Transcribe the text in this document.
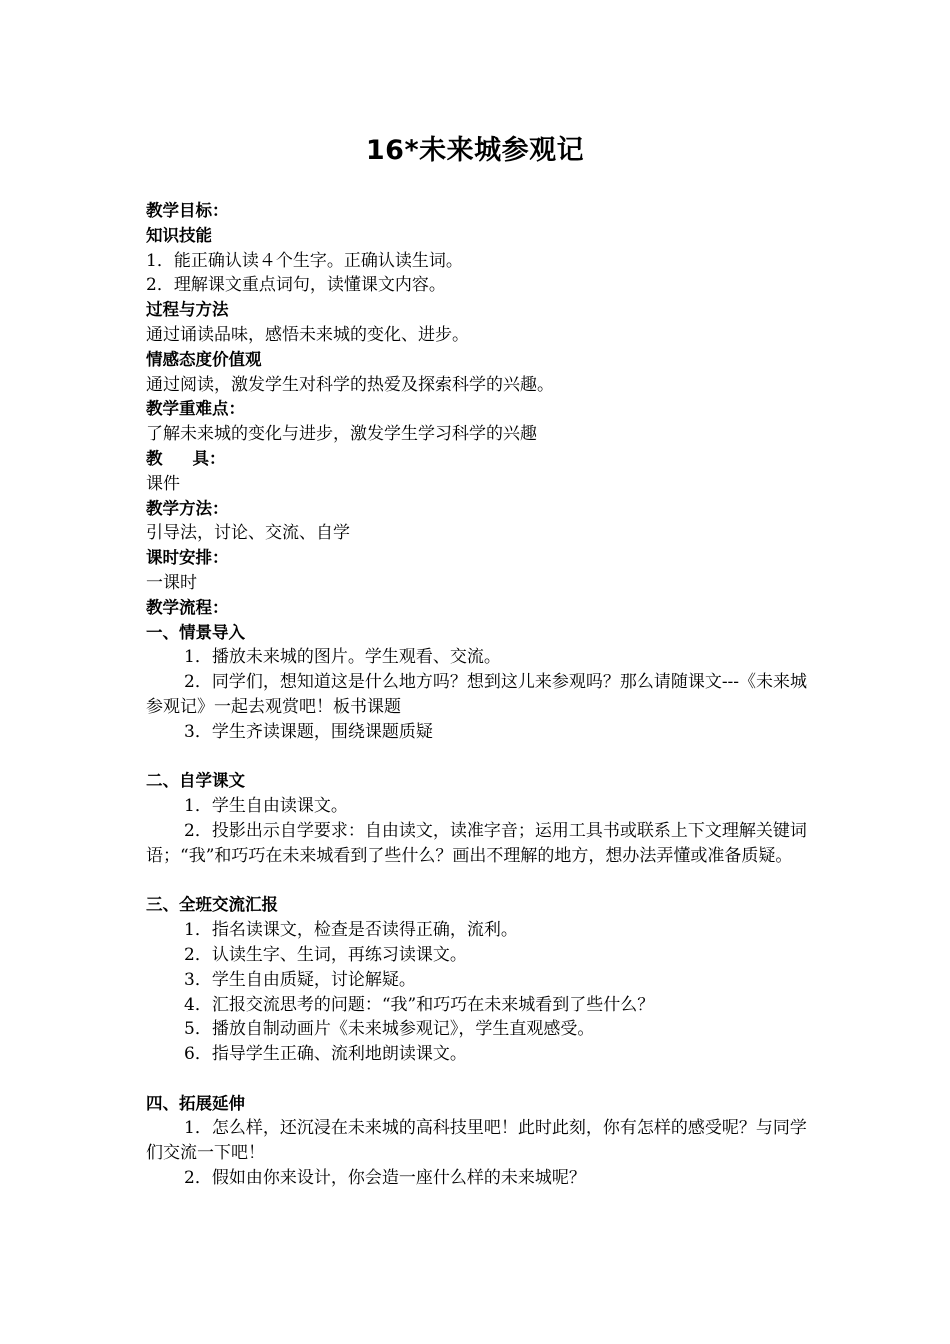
16*未来城参观记

教学目标：

知识技能

1．能正确认读４个生字。正确认读生词。

2．理解课文重点词句，读懂课文内容。

过程与方法

通过诵读品味，感悟未来城的变化、进步。

情感态度价值观

通过阅读，激发学生对科学的热爱及探索科学的兴趣。

教学重难点：

了解未来城的变化与进步，激发学生学习科学的兴趣

教 具：

课件

教学方法：

引导法，讨论、交流、自学

课时安排：

一课时

教学流程：

一、情景导入

1．播放未来城的图片。学生观看、交流。

2．同学们，想知道这是什么地方吗？想到这儿来参观吗？那么请随课文---《未来城参观记》一起去观赏吧！板书课题

3．学生齐读课题，围绕课题质疑

二、自学课文

1．学生自由读课文。

2．投影出示自学要求：自由读文，读准字音；运用工具书或联系上下文理解关键词语；“我”和巧巧在未来城看到了些什么？画出不理解的地方，想办法弄懂或准备质疑。

三、全班交流汇报

1．指名读课文，检查是否读得正确，流利。

2．认读生字、生词，再练习读课文。

3．学生自由质疑，讨论解疑。

4．汇报交流思考的问题：“我”和巧巧在未来城看到了些什么？

5．播放自制动画片《未来城参观记》，学生直观感受。

6．指导学生正确、流利地朗读课文。

四、拓展延伸

1．怎么样，还沉浸在未来城的高科技里吧！此时此刻，你有怎样的感受呢？与同学们交流一下吧！

2．假如由你来设计，你会造一座什么样的未来城呢？
